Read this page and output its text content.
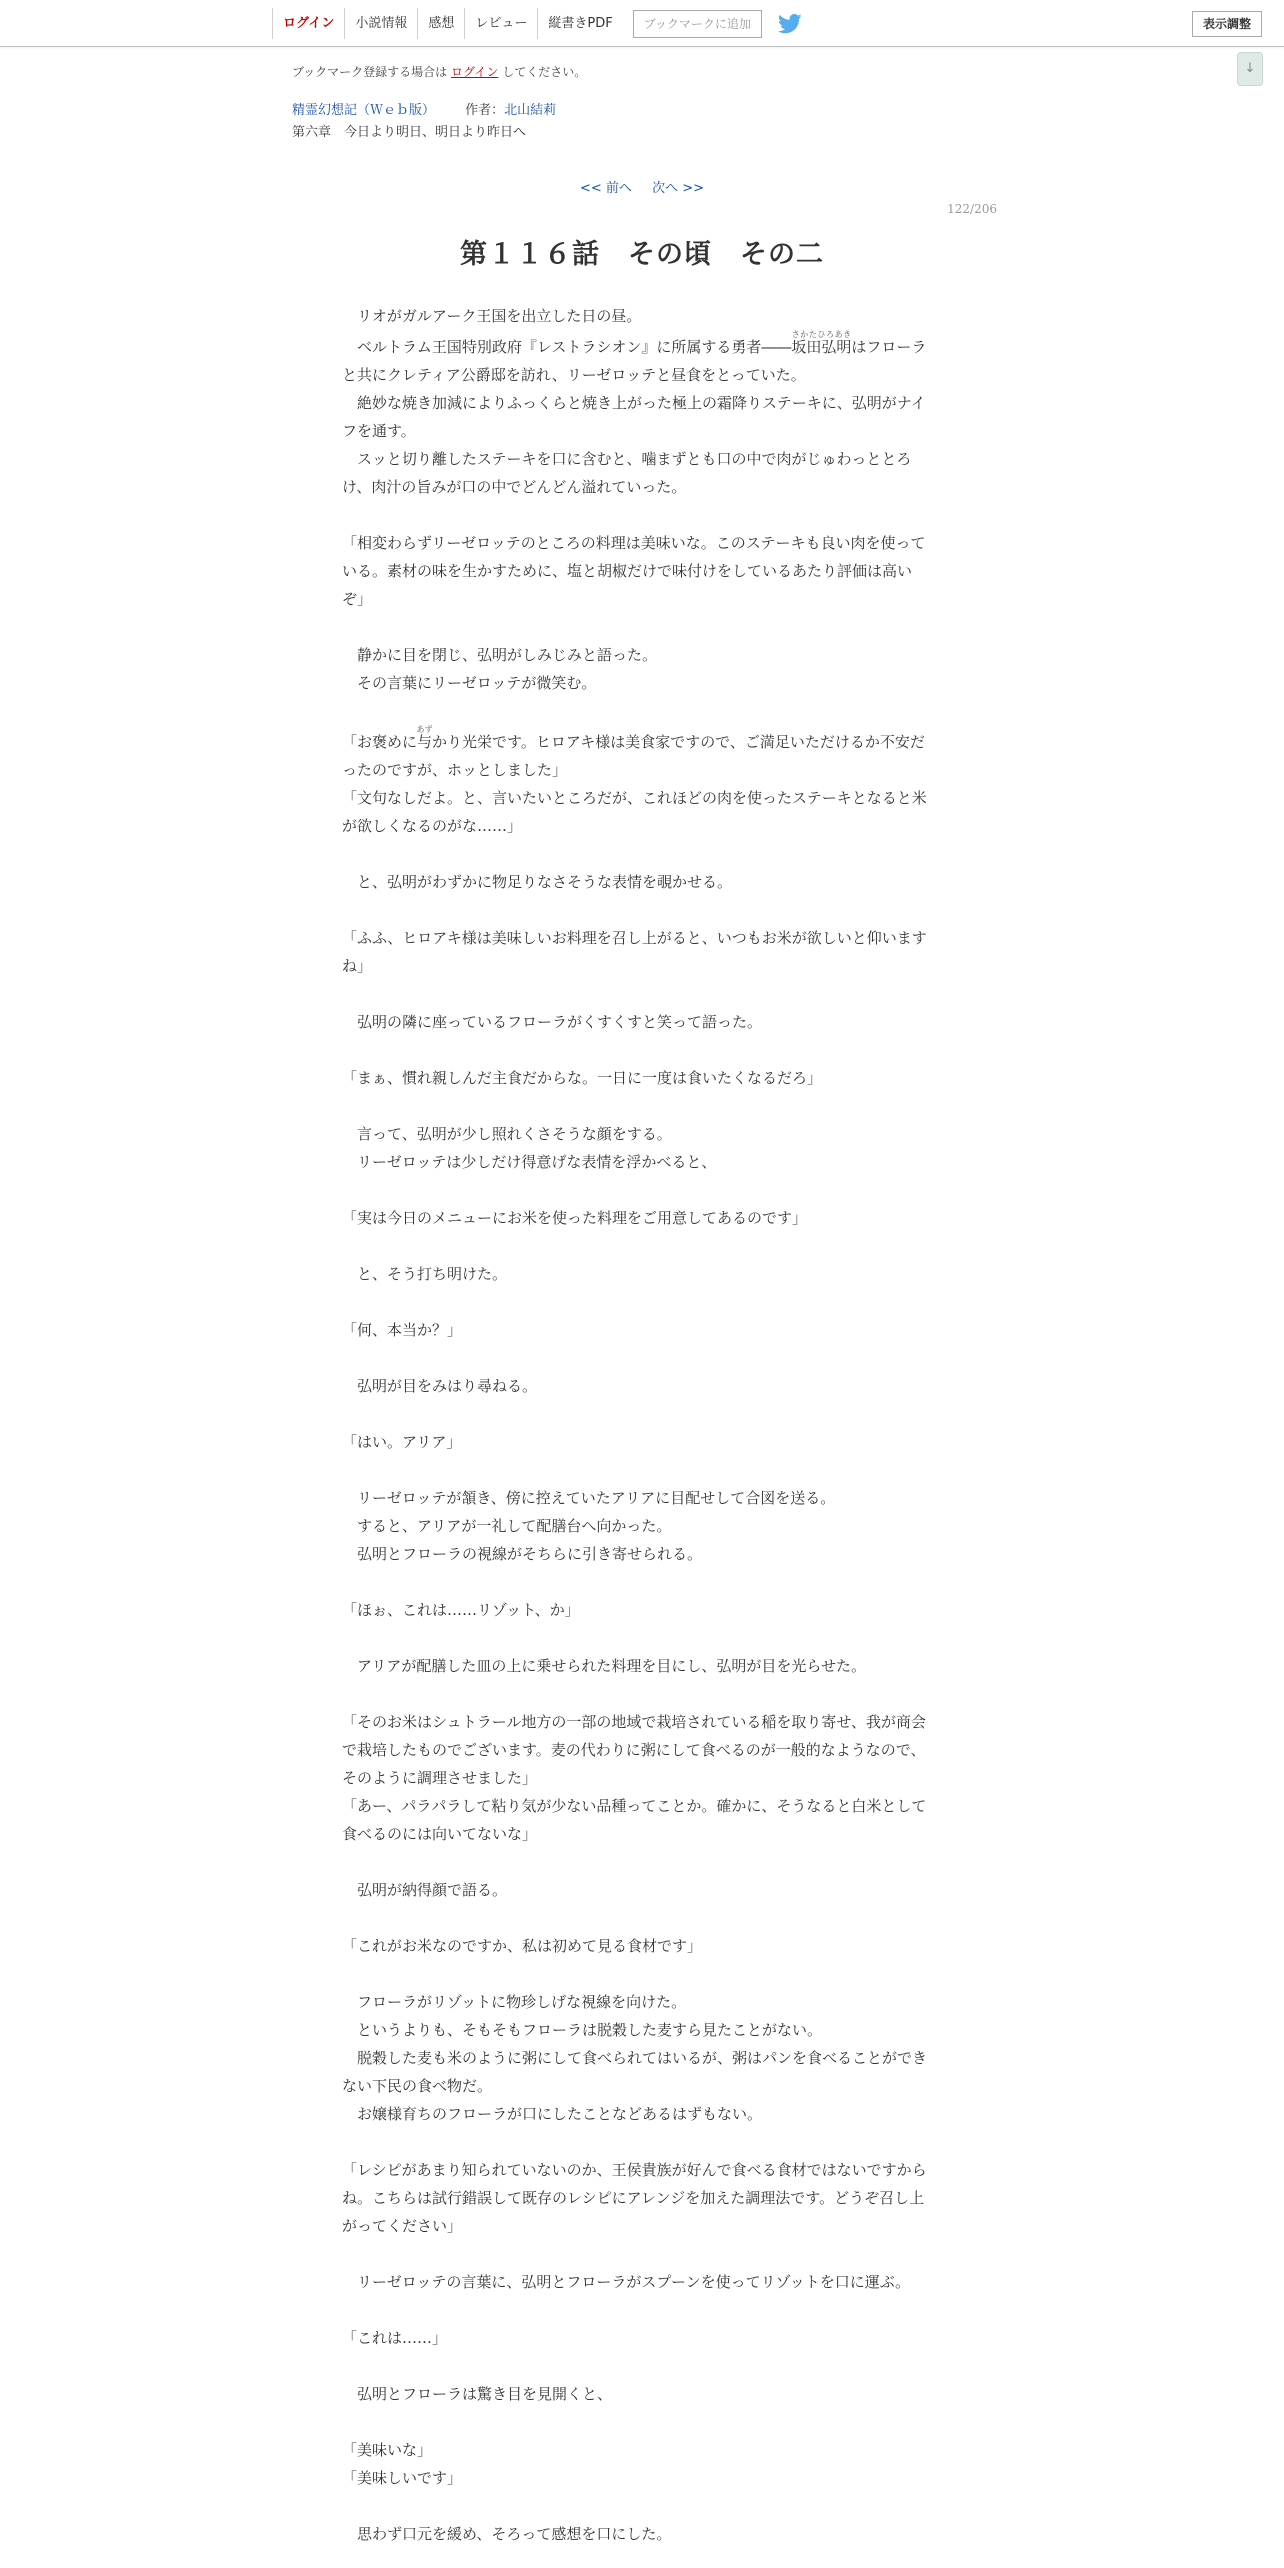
ログイン	小説情報	感想	レビュー	縦書きPDF	ブックマークに追加	表示調整
↓
ブックマーク登録する場合は ログイン してください。
精霊幻想記（Ｗｅｂ版） 作者：北山結莉
第六章　今日より明日、明日より昨日へ
<< 前へ 次へ >>
122/206
第１１６話　その頃　その二

　リオがガルアーク王国を出立した日の昼。

　ベルトラム王国特別政府『レストラシオン』に所属する勇者――坂田弘明さかたひろあきはフローラと共にクレティア公爵邸を訪れ、リーゼロッテと昼食をとっていた。

　絶妙な焼き加減によりふっくらと焼き上がった極上の霜降りステーキに、弘明がナイフを通す。

　スッと切り離したステーキを口に含むと、噛まずとも口の中で肉がじゅわっととろけ、肉汁の旨みが口の中でどんどん溢れていった。

「相変わらずリーゼロッテのところの料理は美味いな。このステーキも良い肉を使っている。素材の味を生かすために、塩と胡椒だけで味付けをしているあたり評価は高いぞ」

　静かに目を閉じ、弘明がしみじみと語った。

　その言葉にリーゼロッテが微笑む。

「お褒めに与あずかり光栄です。ヒロアキ様は美食家ですので、ご満足いただけるか不安だったのですが、ホッとしました」

「文句なしだよ。と、言いたいところだが、これほどの肉を使ったステーキとなると米が欲しくなるのがな……」

　と、弘明がわずかに物足りなさそうな表情を覗かせる。

「ふふ、ヒロアキ様は美味しいお料理を召し上がると、いつもお米が欲しいと仰いますね」

　弘明の隣に座っているフローラがくすくすと笑って語った。

「まぁ、慣れ親しんだ主食だからな。一日に一度は食いたくなるだろ」

　言って、弘明が少し照れくさそうな顔をする。

　リーゼロッテは少しだけ得意げな表情を浮かべると、

「実は今日のメニューにお米を使った料理をご用意してあるのです」

　と、そう打ち明けた。

「何、本当か？」

　弘明が目をみはり尋ねる。

「はい。アリア」

　リーゼロッテが頷き、傍に控えていたアリアに目配せして合図を送る。

　すると、アリアが一礼して配膳台へ向かった。

　弘明とフローラの視線がそちらに引き寄せられる。

「ほぉ、これは……リゾット、か」

　アリアが配膳した皿の上に乗せられた料理を目にし、弘明が目を光らせた。

「そのお米はシュトラール地方の一部の地域で栽培されている稲を取り寄せ、我が商会で栽培したものでございます。麦の代わりに粥にして食べるのが一般的なようなので、そのように調理させました」

「あー、パラパラして粘り気が少ない品種ってことか。確かに、そうなると白米として食べるのには向いてないな」

　弘明が納得顔で語る。

「これがお米なのですか、私は初めて見る食材です」

　フローラがリゾットに物珍しげな視線を向けた。

　というよりも、そもそもフローラは脱穀した麦すら見たことがない。

　脱穀した麦も米のように粥にして食べられてはいるが、粥はパンを食べることができない下民の食べ物だ。

　お嬢様育ちのフローラが口にしたことなどあるはずもない。

「レシピがあまり知られていないのか、王侯貴族が好んで食べる食材ではないですからね。こちらは試行錯誤して既存のレシピにアレンジを加えた調理法です。どうぞ召し上がってください」

　リーゼロッテの言葉に、弘明とフローラがスプーンを使ってリゾットを口に運ぶ。

「これは……」

　弘明とフローラは驚き目を見開くと、

「美味いな」

「美味しいです」

　思わず口元を緩め、そろって感想を口にした。
